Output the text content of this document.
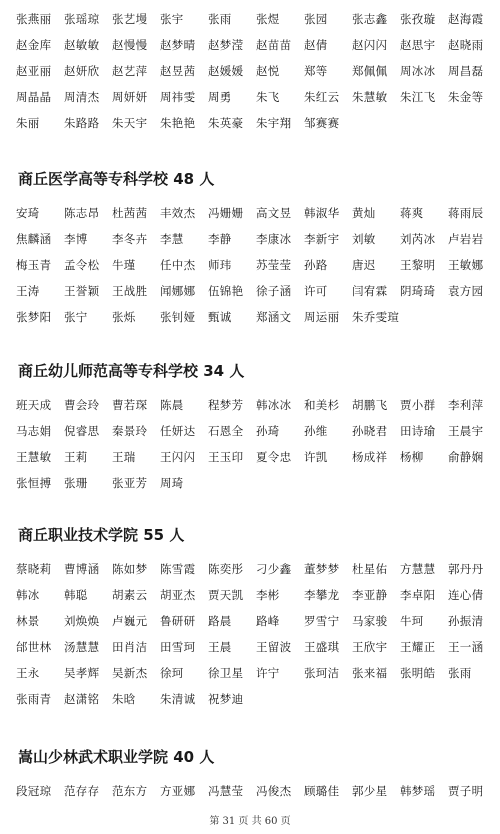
张燕丽	张瑶琼	张艺墁	张宇	张雨	张煜	张园	张志鑫	张孜璇	赵海霞
赵金库	赵敏敏	赵慢慢	赵梦晴	赵梦滢	赵苗苗	赵倩	赵闪闪	赵思宇	赵晓雨
赵亚丽	赵妍欣	赵艺萍	赵昱茜	赵媛媛	赵悦	郑等	郑佩佩	周冰冰	周昌磊
周晶晶	周清杰	周妍妍	周祎雯	周勇	朱飞	朱红云	朱慧敏	朱江飞	朱金等
朱丽	朱路路	朱天宇	朱艳艳	朱英豪	朱宇翔	邹赛赛
商丘医学高等专科学校 48 人
安琦	陈志昂	杜茜茜	丰效杰	冯姗姗	高文昱	韩淑华	黄灿	蒋爽	蒋雨辰
焦麟涵	李博	李冬卉	李慧	李静	李康冰	李新宇	刘敏	刘芮冰	卢岩岩
梅玉青	孟令松	牛瑾	任中杰	师玮	苏莹莹	孙路	唐迟	王黎明	王敏娜
王涛	王誉颖	王战胜	闻娜娜	伍锦艳	徐子涵	许可	闫宥霖	阴琦琦	袁方园
张梦阳	张宁	张烁	张钊娅	甄诚	郑涵文	周运丽	朱乔雯瑄
商丘幼儿师范高等专科学校 34 人
班天成	曹会玲	曹若琛	陈晨	程梦芳	韩冰冰	和美杉	胡鹏飞	贾小群	李利萍
马志娟	倪睿思	秦景玲	任妍达	石恩全	孙琦	孙维	孙晓君	田诗瑜	王晨宇
王慧敏	王莉	王瑞	王闪闪	王玉印	夏令忠	许凯	杨成祥	杨柳	俞静娴
张恒搏	张珊	张亚芳	周琦
商丘职业技术学院 55 人
蔡晓莉	曹博涵	陈如梦	陈雪霞	陈奕彤	刁少鑫	董梦梦	杜星佑	方慧慧	郭丹丹
韩冰	韩聪	胡素云	胡亚杰	贾天凯	李彬	李攀龙	李亚静	李卓阳	连心倩
林景	刘焕焕	卢巍元	鲁研研	路晨	路峰	罗雪宁	马家骏	牛珂	孙振清
邰世林	汤慧慧	田肖洁	田雪珂	王晨	王留波	王盛琪	王欣宇	王耀正	王一涵
王永	吴孝辉	吴新杰	徐珂	徐卫星	许宁	张珂洁	张来福	张明皓	张雨
张雨青	赵潇铭	朱晗	朱清诚	祝梦迪
嵩山少林武术职业学院 40 人
段冠琼	范存存	范东方	方亚娜	冯慧莹	冯俊杰	顾璐佳	郭少星	韩梦瑶	贾子明
第 31 页 共 60 页
